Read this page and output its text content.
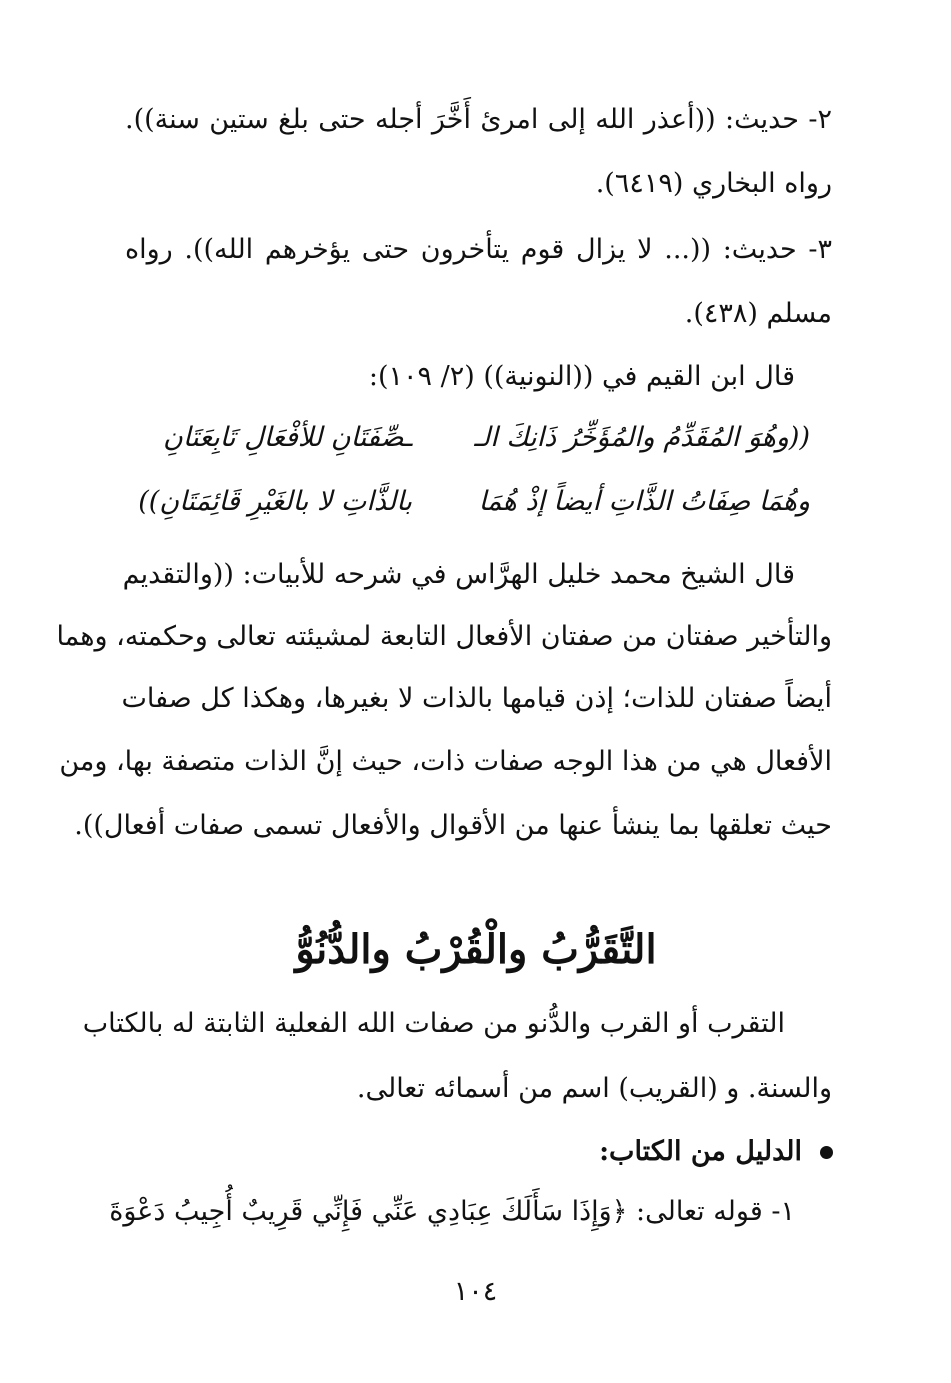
٢- حديث: ((أعذر الله إلى امرئ أَخَّرَ أجله حتى بلغ ستين سنة)).
رواه البخاري (٦٤١٩).
٣- حديث: ((... لا يزال قوم يتأخرون حتى يؤخرهم الله)). رواه
مسلم (٤٣٨).
قال ابن القيم في ((النونية)) (٢/ ١٠٩):
((وهُوَ المُقَدِّمُ والمُؤَخِّرُ ذَانِكَ الـ
ـصِّفَتَانِ للأفْعَالِ تَابِعَتَانِ
وهُمَا صِفَاتُ الذَّاتِ أيضاً إذْ هُمَا
بالذَّاتِ لا بالغَيْرِ قَائِمَتَانِ))
قال الشيخ محمد خليل الهرَّاس في شرحه للأبيات: ((والتقديم
والتأخير صفتان من صفتان الأفعال التابعة لمشيئته تعالى وحكمته، وهما
أيضاً صفتان للذات؛ إذن قيامها بالذات لا بغيرها، وهكذا كل صفات
الأفعال هي من هذا الوجه صفات ذات، حيث إنَّ الذات متصفة بها، ومن
حيث تعلقها بما ينشأ عنها من الأقوال والأفعال تسمى صفات أفعال)).
التَّقَرُّبُ والْقُرْبُ والدُّنُوُّ
التقرب أو القرب والدُّنو من صفات الله الفعلية الثابتة له بالكتاب
والسنة. و (القريب) اسم من أسمائه تعالى.
الدليل من الكتاب:
١- قوله تعالى: ﴿وَإِذَا سَأَلَكَ عِبَادِي عَنِّي فَإِنِّي قَرِيبٌ أُجِيبُ دَعْوَةَ
١٠٤
